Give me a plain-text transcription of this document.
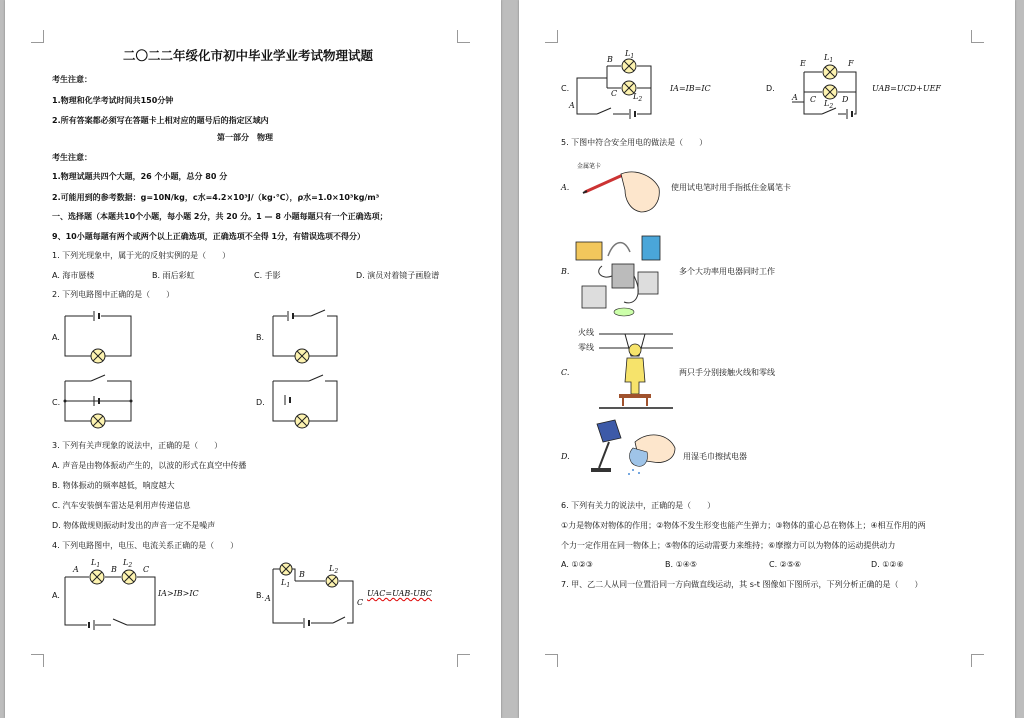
二〇二二年绥化市初中毕业学业考试物理试题
考生注意：
1.物理和化学考试时间共150分钟
2.所有答案都必须写在答题卡上相对应的题号后的指定区域内
第一部分　物理
考生注意：
1.物理试题共四个大题，26 个小题，总分 80 分
2.可能用到的参考数据：g=10N/kg，c水=4.2×10³J/（kg·℃），ρ水=1.0×10³kg/m³
一、选择题（本题共10个小题，每小题 2分，共 20 分。1 — 8 小题每题只有一个正确选项；
9、10小题每题有两个或两个以上正确选项，正确选项不全得 1分，有错误选项不得分）
1. 下列光现象中，属于光的反射实例的是（　　）
A. 海市蜃楼	B. 雨后彩虹	C. 手影	D. 演员对着镜子画脸谱
2. 下列电路图中正确的是（　　）
A.	B.
C.	D.
3. 下列有关声现象的说法中，正确的是（　　）
A. 声音是由物体振动产生的，以波的形式在真空中传播
B. 物体振动的频率越低，响度越大
C. 汽车安装倒车雷达是利用声传递信息
D. 物体做规则振动时发出的声音一定不是噪声
4. 下列电路图中，电压、电流关系正确的是（　　）
A.	B.
IA>IB>IC	UAC=UAB-UBC
A	B	C
$L_1$	$L_2$
A
B
C
$L_1$
$L_2$
C.	D.
IA=IB=IC	UAB=UCD+UEF
B
C
A
$L_1$
$L_2$
E	F
A C	D
$L_1$
$L_2$
5. 下图中符合安全用电的做法是（　　）
金属笔卡
A.	使用试电笔时用手指抵住金属笔卡
B.	多个大功率用电器同时工作
火线
零线
C.	两只手分别接触火线和零线
D.	用湿毛巾擦拭电器
6. 下列有关力的说法中，正确的是（　　）
①力是物体对物体的作用；②物体不发生形变也能产生弹力；③物体的重心总在物体上；④相互作用的两
个力一定作用在同一物体上；⑤物体的运动需要力来维持；⑥摩擦力可以为物体的运动提供动力
A. ①②③	B. ①④⑤	C. ②⑤⑥	D. ①②⑥
7. 甲、乙二人从同一位置沿同一方向做直线运动，其 s-t 图像如下图所示，下列分析正确的是（　　）
